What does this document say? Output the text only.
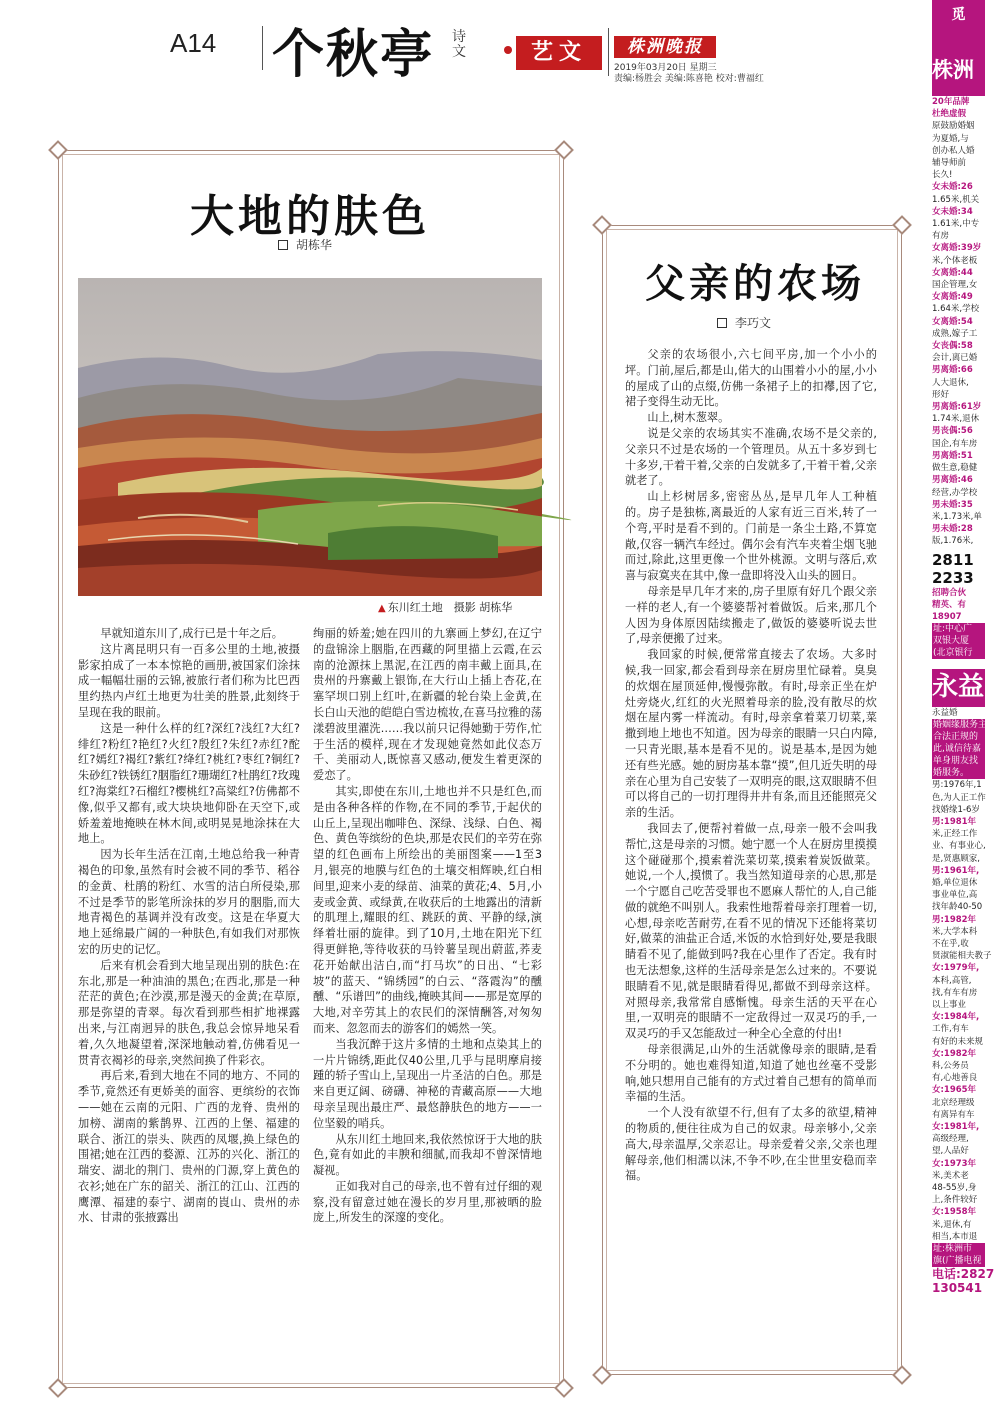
A14 个秋亭 诗文	艺文	株洲晚报
2019年03月20日 星期三
责编:杨胜会 美编:陈喜艳 校对:曹福红
大地的肤色
胡栋华
▲ 东川红土地　摄影 胡栋华

早就知道东川了,成行已是十年之后。

这片离昆明只有一百多公里的土地,被摄影家拍成了一本本惊艳的画册,被国家们涂抹成一幅幅壮丽的云锦,被旅行者们称为比巴西里约热内卢红土地更为壮美的胜景,此刻终于呈现在我的眼前。

这是一种什么样的红?深红?浅红?大红?绯红?粉红?艳红?火红?殷红?朱红?赤红?酡红?嫣红?褐红?紫红?绛红?桃红?枣红?铜红?朱砂红?铁锈红?胭脂红?珊瑚红?杜鹃红?玫瑰红?海棠红?石榴红?樱桃红?高粱红?仿佛都不像,似乎又都有,或大块块地仰卧在天空下,或娇羞羞地掩映在林木间,或明晃晃地涂抹在大地上。

因为长年生活在江南,土地总给我一种青褐色的印象,虽然有时会被不同的季节、稻谷的金黄、杜鹃的粉红、水雪的洁白所侵染,那不过是季节的影笔所涂抹的岁月的胭脂,而大地青褐色的基调并没有改变。这是在华夏大地上延绵最广阔的一种肤色,有如我们对那恢宏的历史的记忆。

后来有机会看到大地呈现出别的肤色:在东北,那是一种油油的黑色;在西北,那是一种茫茫的黄色;在沙漠,那是漫天的金黄;在草原,那是弥望的青翠。每次看到那些相扩地裸露出来,与江南迥异的肤色,我总会惊异地呆看着,久久地凝望着,深深地触动着,仿佛看见一贯青衣褐衫的母亲,突然间换了件彩衣。

再后来,看到大地在不同的地方、不同的季节,竟然还有更娇美的面容、更缤纷的衣饰——她在云南的元阳、广西的龙脊、贵州的加榜、湖南的紫鹊界、江西的上堡、福建的联合、浙江的崇头、陕西的凤堰,换上绿色的围裙;她在江西的婺源、江苏的兴化、浙江的瑞安、湖北的荆门、贵州的门源,穿上黄色的衣衫;她在广东的韶关、浙江的江山、江西的鹰潭、福建的泰宁、湖南的崀山、贵州的赤水、甘肃的张掖露出

绚丽的娇羞;她在四川的九寨画上梦幻,在辽宁的盘锦涂上胭脂,在西藏的阿里描上云霞,在云南的沧源抹上黑泥,在江西的南丰戴上面具,在贵州的丹寨戴上银饰,在大行山上插上杏花,在塞罕坝口别上红叶,在新疆的轮台染上金黄,在长白山天池的皑皑白雪边梳妆,在喜马拉雅的荡漾碧波里濯洗……我以前只记得她勤于劳作,忙于生活的模样,现在才发现她竟然如此仪态万千、美丽动人,既惊喜又感动,便发生着更深的爱恋了。

其实,即使在东川,土地也并不只是红色,而是由各种各样的作物,在不同的季节,于起伏的山丘上,呈现出咖啡色、深绿、浅绿、白色、褐色、黄色等缤纷的色块,那是农民们的辛劳在弥望的红色画布上所绘出的美丽图案——1至3月,银亮的地膜与红色的土壤交相辉映,红白相间里,迎来小麦的绿苗、油菜的黄花;4、5月,小麦或金黄、或绿黄,在收获后的土地露出的清新的肌理上,耀眼的红、跳跃的黄、平静的绿,演绎着壮丽的旋律。到了10月,土地在阳光下红得更鲜艳,等待收获的马铃薯呈现出蔚蓝,荞麦花开始献出洁白,而“打马坎”的日出、“七彩坡”的蓝天、“锦绣园”的白云、“落霞沟”的醺醺、“乐谱凹”的曲线,掩映其间——那是宽厚的大地,对辛劳其上的农民们的深情酬答,对匆匆而来、忽忽而去的游客们的嫣然一笑。

当我沉醉于这片多情的土地和点染其上的一片片锦绣,距此仅40公里,几乎与昆明摩肩接踵的轿子雪山上,呈现出一片圣洁的白色。那是来自更辽阔、磅礴、神秘的青藏高原——大地母亲呈现出最庄严、最悠静肤色的地方——一位坚毅的哨兵。

从东川红土地回来,我依然惊讶于大地的肤色,竟有如此的丰腴和细腻,而我却不曾深情地凝视。

正如我对自己的母亲,也不曾有过仔细的观察,没有留意过她在漫长的岁月里,那被晒的脸庞上,所发生的深邃的变化。

父亲的农场
李巧文

父亲的农场很小,六七间平房,加一个小小的坪。门前,屋后,都是山,偌大的山围着小小的屋,小小的屋成了山的点缀,仿佛一条裙子上的扣襻,因了它,裙子变得生动无比。

山上,树木葱翠。

说是父亲的农场其实不准确,农场不是父亲的,父亲只不过是农场的一个管理员。从五十多岁到七十多岁,干着干着,父亲的白发就多了,干着干着,父亲就老了。

山上杉树居多,密密丛丛,是早几年人工种植的。房子是独栋,离最近的人家有近三百米,转了一个弯,平时是看不到的。门前是一条尘土路,不算宽敞,仅容一辆汽车经过。偶尔会有汽车夹着尘烟飞驰而过,除此,这里更像一个世外桃源。文明与落后,欢喜与寂寞夹在其中,像一盘即将没入山头的圆日。

母亲是早几年才来的,房子里原有好几个跟父亲一样的老人,有一个婆婆帮衬着做饭。后来,那几个人因为身体原因陆续搬走了,做饭的婆婆听说去世了,母亲便搬了过来。

我回家的时候,便常常直接去了农场。大多时候,我一回家,都会看到母亲在厨房里忙碌着。臭臭的炊烟在屋顶延伸,慢慢弥散。有时,母亲正坐在炉灶旁烧火,红红的火光照着母亲的脸,没有散尽的炊烟在屋内雾一样流动。有时,母亲拿着菜刀切菜,菜撒到地上地也不知道。因为母亲的眼睛一只白内障,一只青光眼,基本是看不见的。说是基本,是因为她还有些光感。她的厨房基本靠“摸”,但几近失明的母亲在心里为自己安装了一双明亮的眼,这双眼睛不但可以将自己的一切打理得井井有条,而且还能照亮父亲的生活。

我回去了,便帮衬着做一点,母亲一般不会叫我帮忙,这是母亲的习惯。她宁愿一个人在厨房里摸摸这个碰碰那个,摸索着洗菜切菜,摸索着炭饭做菜。她说,一个人,摸惯了。我当然知道母亲的心思,那是一个宁愿自己吃苦受罪也不愿麻人帮忙的人,自己能做的就绝不叫别人。我索性地帮着母亲打理着一切,心想,母亲吃苦耐劳,在看不见的情况下还能将菜切好,做菜的油盐正合适,米饭的水恰到好处,要是我眼睛看不见了,能做到吗?我在心里作了否定。我有时也无法想象,这样的生活母亲是怎么过来的。不要说眼睛看不见,就是眼睛看得见,都做不到母亲这样。对照母亲,我常常自感惭愧。母亲生活的天平在心里,一双明亮的眼睛不一定敌得过一双灵巧的手,一双灵巧的手又怎能敌过一种全心全意的付出!

母亲很满足,山外的生活就像母亲的眼睛,是看不分明的。她也难得知道,知道了她也丝毫不受影响,她只想用自己能有的方式过着自己想有的简单而幸福的生活。

一个人没有欲望不行,但有了太多的欲望,精神的物质的,便往往成为自己的奴隶。母亲够小,父亲高大,母亲温厚,父亲忍让。母亲爱着父亲,父亲也理解母亲,他们相濡以沫,不争不吵,在尘世里安稳而幸福。

觅
株洲
20年品牌
杜绝虚假
原鼓励婚姻
为夏婚,与
创办私人婚
辅导师前
长久!
女未婚:26
1.65米,机关
女未婚:34
1.61米,中专
有房
女离婚:39岁
米,个体老板
女离婚:44
国企管理,女
女离婚:49
1.64米,学校
女离婚:54
成熟,嫁子工
女丧偶:58
会计,离已婚
男离婚:66
人大退休,
形好
男离婚:61岁
1.74米,退休
男丧偶:56
国企,有车房
男离婚:51
做生意,稳健
男离婚:46
经营,办学校
男未婚:35
米,1.73米,单
男未婚:28
版,1.76米,
2811
2233
招聘合伙
精英、有
18907
址:中心广
双银大厦
(北京银行
永益
永益婚
婚姻缘服务主
合法正规的
此,诚信待嘉
单身朋友找
婚服务。
男:1976年,1
色,为人正工作
找婚缘1-6岁
男:1981年
米,正经工作
业、有事业心,
是,贤惠顾家,
男:1961年,
婚,单位退休
事业单位,高
找年龄40-50
男:1982年
米,大学本科
不在乎,收
贤淑能相夫教子
女:1979年,
本科,高管,
找,有车有房
以上事业
女:1984年,
工作,有车
有好的未来规
女:1982年
科,公务员
有,心地善良
女:1965年
北京经理级
有离异有车
女:1981年,
高级经理,
望,人品好
女:1973年
米,美术老
48-55岁,身
上,条件较好
女:1958年
米,退休,有
相当,本市退
址:株洲市
旗(广播电视
电话:2827
130541
